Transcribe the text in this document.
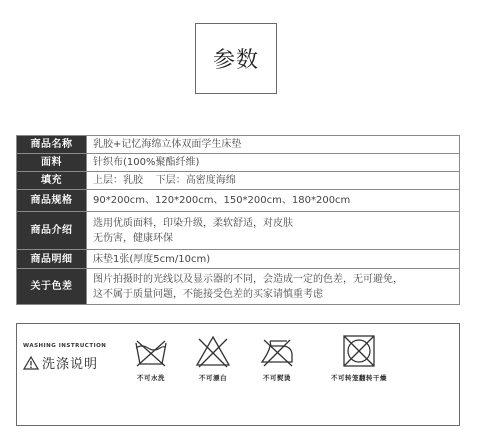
参数
商品名称	乳胶+记忆海绵立体双面学生床垫
面料	针织布(100%聚酯纤维)
填充	上层：乳胶    下层：高密度海绵
商品规格	90*200cm、120*200cm、150*200cm、180*200cm
商品介绍	选用优质面料，印染升级，柔软舒适，对皮肤
无伤害，健康环保

商品明细	床垫1张(厚度5cm/10cm)
关于色差	图片拍摄时的光线以及显示器的不同，会造成一定的色差，无可避免，
这不属于质量问题，不能接受色差的买家请慎重考虑
WASHING INSTRUCTION
洗涤说明
不可水洗	不可漂白	不可熨烫	不可转笼翻转干燥
